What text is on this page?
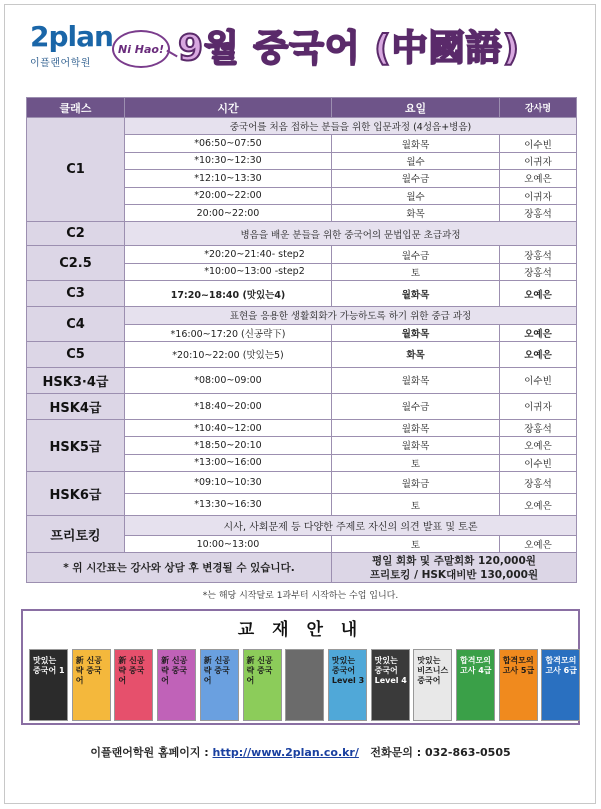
2plan
이플랜어학원
Ni Hao! 9월 중국어 (中國語)
클래스	시간	요일	강사명
C1	중국어를 처음 접하는 분들을 위한 입문과정 (4성음+병음)		
	*06:50~07:50	월화목	이수빈
	*10:30~12:30	월수	이귀자
	*12:10~13:30	월수금	오예은
	*20:00~22:00	월수	이귀자
	20:00~22:00	화목	장홍석
C2	병음을 배운 분들을 위한 중국어의 문법입문 초급과정		
C2.5	*20:20~21:40- step2	월수금	장홍석
	*10:00~13:00 -step2	토	장홍석
C3	17:20~18:40 (맛있는4)	월화목	오예은
C4	표현을 응용한 생활회화가 가능하도록 하기 위한 중급 과정		
	*16:00~17:20 (신공략下)	월화목	오예은
C5	*20:10~22:00 (맛있는5)	화목	오예은
HSK3·4급	*08:00~09:00	월화목	이수빈
HSK4급	*18:40~20:00	월수금	이귀자
HSK5급	*10:40~12:00	월화목	장홍석
	*18:50~20:10	월화목	오예은
	*13:00~16:00	토	이수빈
HSK6급	*09:10~10:30	월화금	장홍석
	*13:30~16:30	토	오예은
프리토킹	시사, 사회문제 등 다양한 주제로 자신의 의견 발표 및 토론		
	10:00~13:00	토	오예은
* 위 시간표는 강사와 상담 후 변경될 수 있습니다.		평일 회화 및 주말회화 120,000원
프리토킹 / HSK대비반 130,000원	
*는 해당 시작달로 1과부터 시작하는 수업 입니다.
교 재 안 내
맛있는 중국어 1
新 신공략 중국어
新 신공략 중국어
新 신공략 중국어
新 신공략 중국어
新 신공략 중국어
맛있는 중국어 Level 3
맛있는 중국어 Level 4
맛있는 비즈니스 중국어
합격모의고사 4급
합격모의고사 5급
합격모의고사 6급
이플랜어학원 홈페이지 : http://www.2plan.co.kr/ 전화문의 : 032-863-0505
